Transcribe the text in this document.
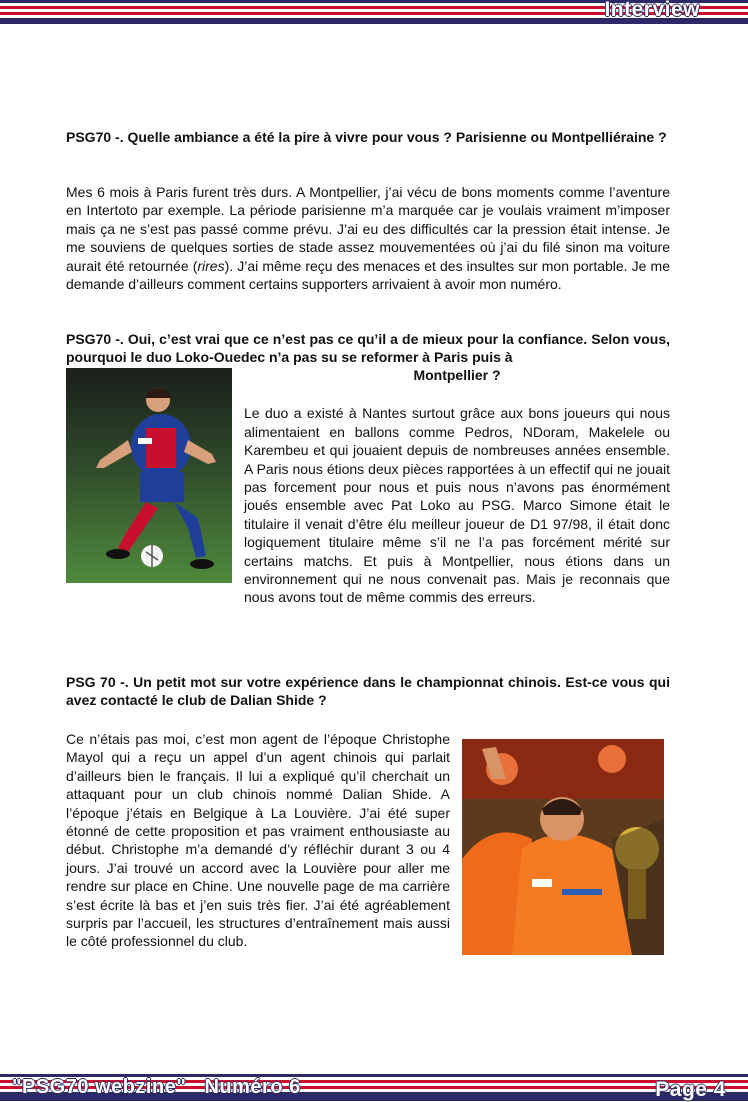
Interview

PSG70 -. Quelle ambiance a été la pire à vivre pour vous ? Parisienne ou Montpelliéraine ?

Mes 6 mois à Paris furent très durs. A Montpellier, j’ai vécu de bons moments comme l’aventure en Intertoto par exemple. La période parisienne m’a marquée car je voulais vraiment m’imposer mais ça ne s’est pas passé comme prévu. J’ai eu des difficultés car la pression était intense. Je me souviens de quelques sorties de stade assez mouvementées où j’ai du filé sinon ma voiture aurait été retournée (rires). J’ai même reçu des menaces et des insultes sur mon portable. Je me demande d’ailleurs comment certains supporters arrivaient à avoir mon numéro.

PSG70 -. Oui, c’est vrai que ce n’est pas ce qu’il a de mieux pour la confiance. Selon vous, pourquoi le duo Loko-Ouedec n’a pas su se reformer à Paris puis à

Montpellier ?

Le duo a existé à Nantes surtout grâce aux bons joueurs qui nous alimentaient en ballons comme Pedros, NDoram, Makelele ou Karembeu et qui jouaient depuis de nombreuses années ensemble. A Paris nous étions deux pièces rapportées à un effectif qui ne jouait pas forcement pour nous et puis nous n’avons pas énormément joués ensemble avec Pat Loko au PSG. Marco Simone était le titulaire il venait d’être élu meilleur joueur de D1 97/98, il était donc logiquement titulaire même s’il ne l’a pas forcément mérité sur certains matchs. Et puis à Montpellier, nous étions dans un environnement qui ne nous convenait pas. Mais je reconnais que nous avons tout de même commis des erreurs.

PSG 70 -. Un petit mot sur votre expérience dans le championnat chinois. Est-ce vous qui avez contacté le club de Dalian Shide ?

Ce n’étais pas moi, c’est mon agent de l’époque Christophe Mayol qui a reçu un appel d’un agent chinois qui parlait d’ailleurs bien le français. Il lui a expliqué qu’il cherchait un attaquant pour un club chinois nommé Dalian Shide. A l’époque j’étais en Belgique à La Louvière. J’ai été super étonné de cette proposition et pas vraiment enthousiaste au début. Christophe m’a demandé d’y réfléchir durant 3 ou 4 jours. J’ai trouvé un accord avec la Louvière pour aller me rendre sur place en Chine. Une nouvelle page de ma carrière s’est écrite là bas et j’en suis très fier. J’ai été agréablement surpris par l’accueil, les structures d’entraînement mais aussi le côté professionnel du club.

"PSG70 webzine"   Numéro 6	Page 4
